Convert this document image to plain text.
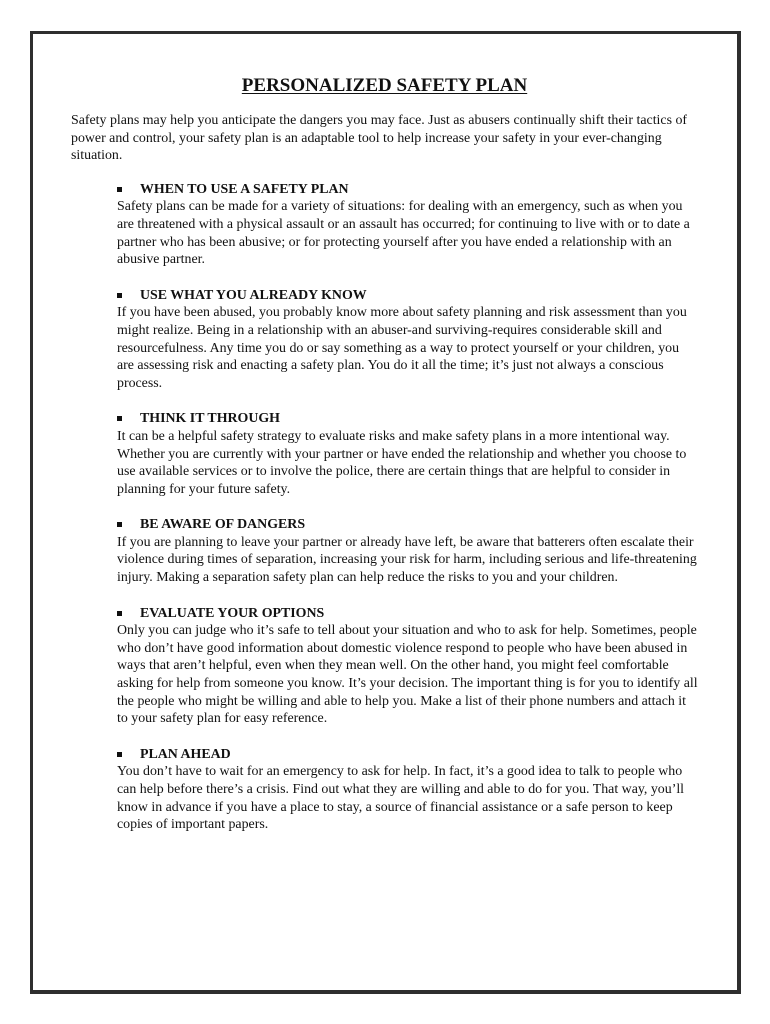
PERSONALIZED SAFETY PLAN

Safety plans may help you anticipate the dangers you may face. Just as abusers continually shift their tactics of power and control, your safety plan is an adaptable tool to help increase your safety in your ever-changing situation.

WHEN TO USE A SAFETY PLAN

Safety plans can be made for a variety of situations: for dealing with an emergency, such as when you are threatened with a physical assault or an assault has occurred; for continuing to live with or to date a partner who has been abusive; or for protecting yourself after you have ended a relationship with an abusive partner.

USE WHAT YOU ALREADY KNOW

If you have been abused, you probably know more about safety planning and risk assessment than you might realize. Being in a relationship with an abuser-and surviving-requires considerable skill and resourcefulness. Any time you do or say something as a way to protect yourself or your children, you are assessing risk and enacting a safety plan. You do it all the time; it’s just not always a conscious process.

THINK IT THROUGH

It can be a helpful safety strategy to evaluate risks and make safety plans in a more intentional way. Whether you are currently with your partner or have ended the relationship and whether you choose to use available services or to involve the police, there are certain things that are helpful to consider in planning for your future safety.

BE AWARE OF DANGERS

If you are planning to leave your partner or already have left, be aware that batterers often escalate their violence during times of separation, increasing your risk for harm, including serious and life-threatening injury. Making a separation safety plan can help reduce the risks to you and your children.

EVALUATE YOUR OPTIONS

Only you can judge who it’s safe to tell about your situation and who to ask for help. Sometimes, people who don’t have good information about domestic violence respond to people who have been abused in ways that aren’t helpful, even when they mean well. On the other hand, you might feel comfortable asking for help from someone you know. It’s your decision. The important thing is for you to identify all the people who might be willing and able to help you. Make a list of their phone numbers and attach it to your safety plan for easy reference.

PLAN AHEAD

You don’t have to wait for an emergency to ask for help. In fact, it’s a good idea to talk to people who can help before there’s a crisis. Find out what they are willing and able to do for you. That way, you’ll know in advance if you have a place to stay, a source of financial assistance or a safe person to keep copies of important papers.
